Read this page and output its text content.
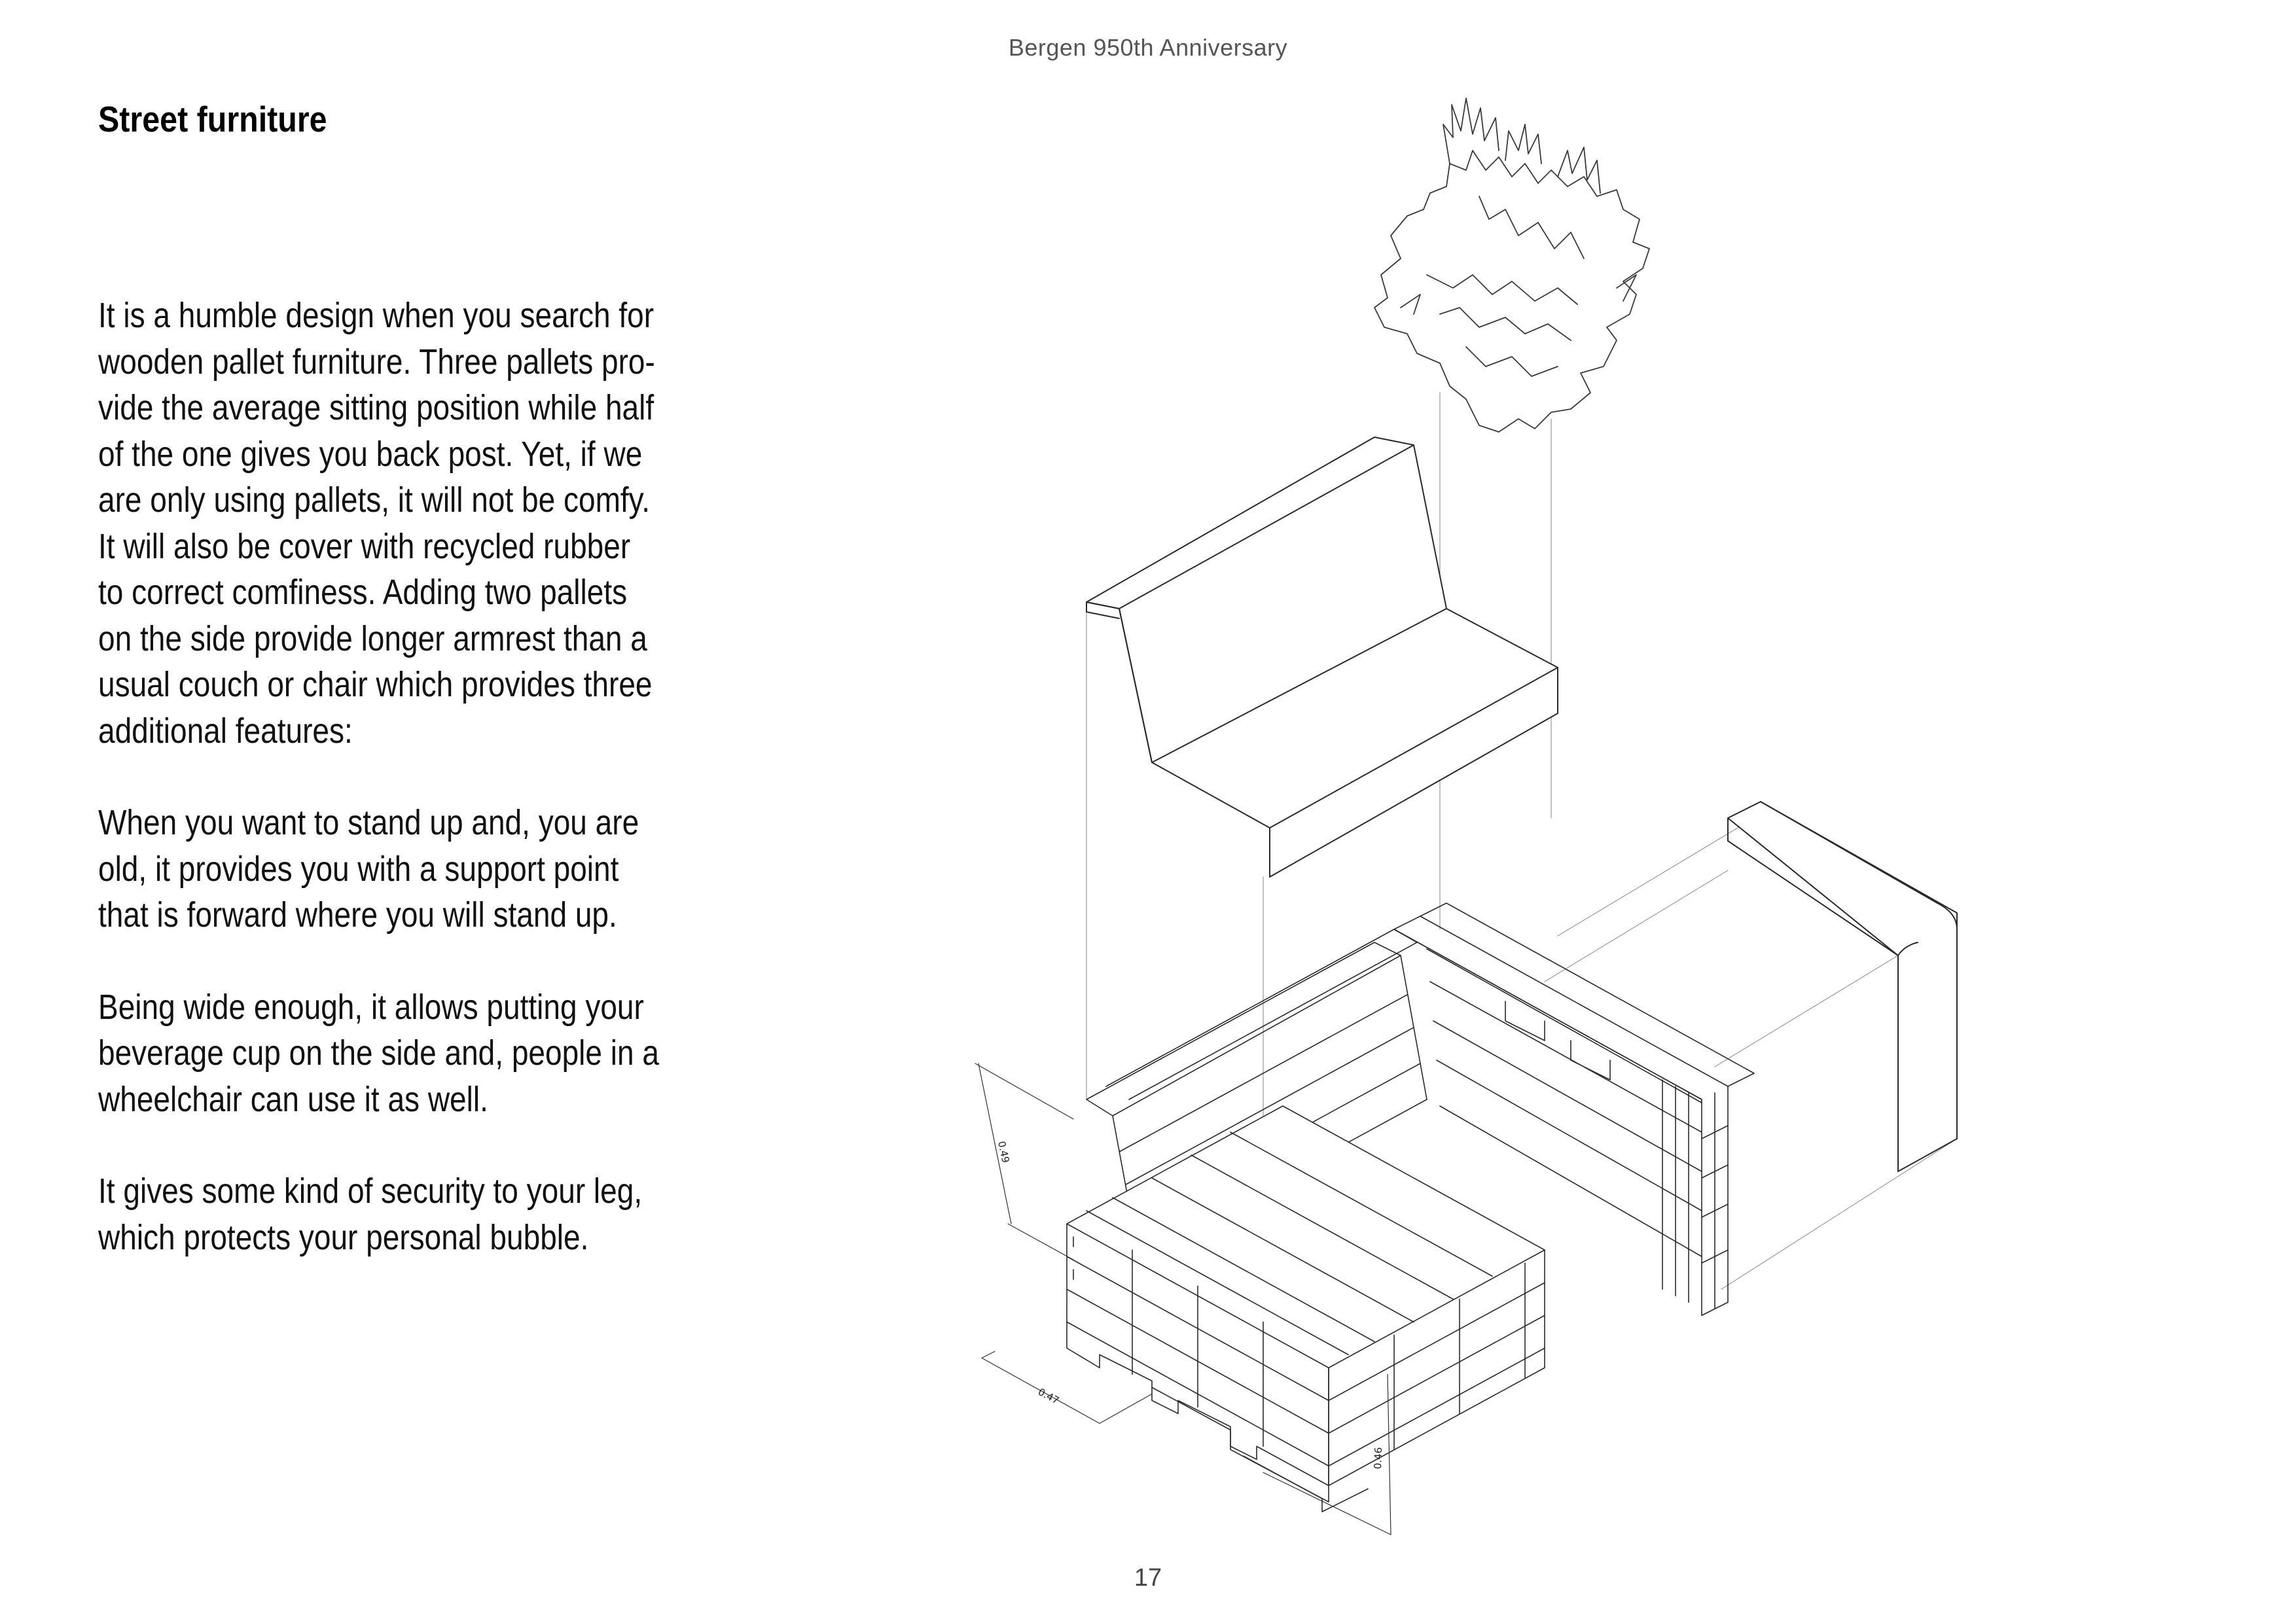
Bergen 950th Anniversary
Street furniture

It is a humble design when you search for
wooden pallet furniture. Three pallets pro-
vide the average sitting position while half
of the one gives you back post. Yet, if we
are only using pallets, it will not be comfy.
It will also be cover with recycled rubber
to correct comfiness. Adding two pallets
on the side provide longer armrest than a
usual couch or chair which provides three
additional features:

When you want to stand up and, you are
old, it provides you with a support point
that is forward where you will stand up.

Being wide enough, it allows putting your
beverage cup on the side and, people in a
wheelchair can use it as well.

It gives some kind of security to your leg,
which protects your personal bubble.

0.49
0.47
0.46
17
